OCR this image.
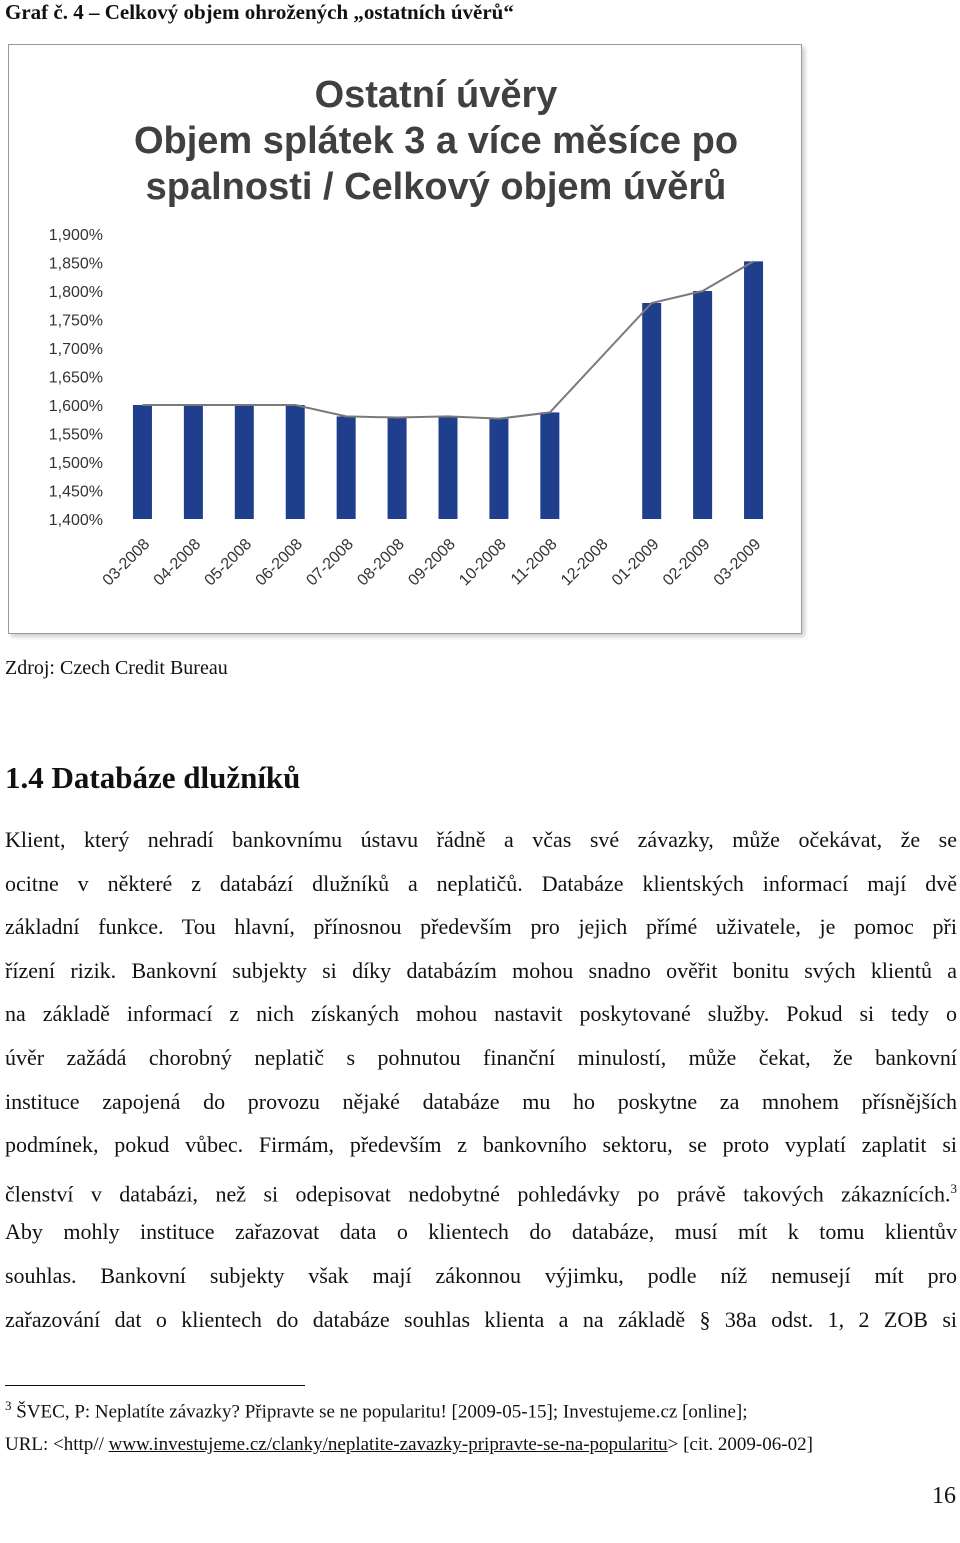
Graf č. 4 – Celkový objem ohrožených „ostatních úvěrů“
Ostatní úvěry
Objem splátek 3 a více měsíce po
spalnosti / Celkový objem úvěrů
1,900%
1,850%
1,800%
1,750%
1,700%
1,650%
1,600%
1,550%
1,500%
1,450%
1,400%
03-2008
04-2008
05-2008
06-2008
07-2008
08-2008
09-2008
10-2008
11-2008
12-2008
01-2009
02-2009
03-2009
Zdroj: Czech Credit Bureau
1.4 Databáze dlužníků
Klient, který nehradí bankovnímu ústavu řádně a včas své závazky, může očekávat, že se
ocitne v některé z databází dlužníků a neplatičů. Databáze klientských informací mají dvě
základní funkce. Tou hlavní, přínosnou především pro jejich přímé uživatele, je pomoc při
řízení rizik. Bankovní subjekty si díky databázím mohou snadno ověřit bonitu svých klientů a
na základě informací z nich získaných mohou nastavit poskytované služby. Pokud si tedy o
úvěr zažádá chorobný neplatič s pohnutou finanční minulostí, může čekat, že bankovní
instituce zapojená do provozu nějaké databáze mu ho poskytne za mnohem přísnějších
podmínek, pokud vůbec. Firmám, především z bankovního sektoru, se proto vyplatí zaplatit si
členství v databázi, než si odepisovat nedobytné pohledávky po právě takových zákaznících.$^3$
Aby mohly instituce zařazovat data o klientech do databáze, musí mít k tomu klientův
souhlas. Bankovní subjekty však mají zákonnou výjimku, podle níž nemusejí mít pro
zařazování dat o klientech do databáze souhlas klienta a na základě § 38a odst. 1, 2 ZOB si
$^3$ ŠVEC, P: Neplatíte závazky? Připravte se ne popularitu! [2009-05-15]; Investujeme.cz [online];
URL: <http// www.investujeme.cz/clanky/neplatite-zavazky-pripravte-se-na-popularitu> [cit. 2009-06-02]
16
